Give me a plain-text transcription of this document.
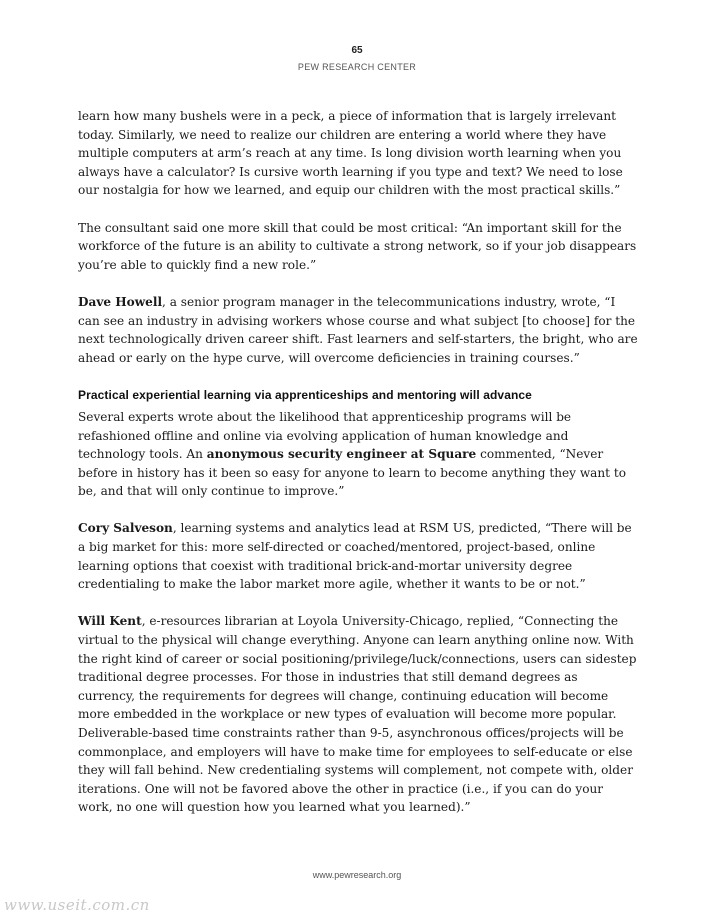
65
PEW RESEARCH CENTER

learn how many bushels were in a peck, a piece of information that is largely irrelevant today. Similarly, we need to realize our children are entering a world where they have multiple computers at arm’s reach at any time. Is long division worth learning when you always have a calculator? Is cursive worth learning if you type and text? We need to lose our nostalgia for how we learned, and equip our children with the most practical skills.”

The consultant said one more skill that could be most critical: “An important skill for the workforce of the future is an ability to cultivate a strong network, so if your job disappears you’re able to quickly find a new role.”

Dave Howell, a senior program manager in the telecommunications industry, wrote, “I can see an industry in advising workers whose course and what subject [to choose] for the next technologically driven career shift. Fast learners and self-starters, the bright, who are ahead or early on the hype curve, will overcome deficiencies in training courses.”

Practical experiential learning via apprenticeships and mentoring will advance

Several experts wrote about the likelihood that apprenticeship programs will be refashioned offline and online via evolving application of human knowledge and technology tools. An anonymous security engineer at Square commented, “Never before in history has it been so easy for anyone to learn to become anything they want to be, and that will only continue to improve.”

Cory Salveson, learning systems and analytics lead at RSM US, predicted, “There will be a big market for this: more self-directed or coached/mentored, project-based, online learning options that coexist with traditional brick-and-mortar university degree credentialing to make the labor market more agile, whether it wants to be or not.”

Will Kent, e-resources librarian at Loyola University-Chicago, replied, “Connecting the virtual to the physical will change everything. Anyone can learn anything online now. With the right kind of career or social positioning/privilege/luck/connections, users can sidestep traditional degree processes. For those in industries that still demand degrees as currency, the requirements for degrees will change, continuing education will become more embedded in the workplace or new types of evaluation will become more popular. Deliverable-based time constraints rather than 9-5, asynchronous offices/projects will be commonplace, and employers will have to make time for employees to self-educate or else they will fall behind. New credentialing systems will complement, not compete with, older iterations. One will not be favored above the other in practice (i.e., if you can do your work, no one will question how you learned what you learned).”

www.pewresearch.org
www.useit.com.cn
